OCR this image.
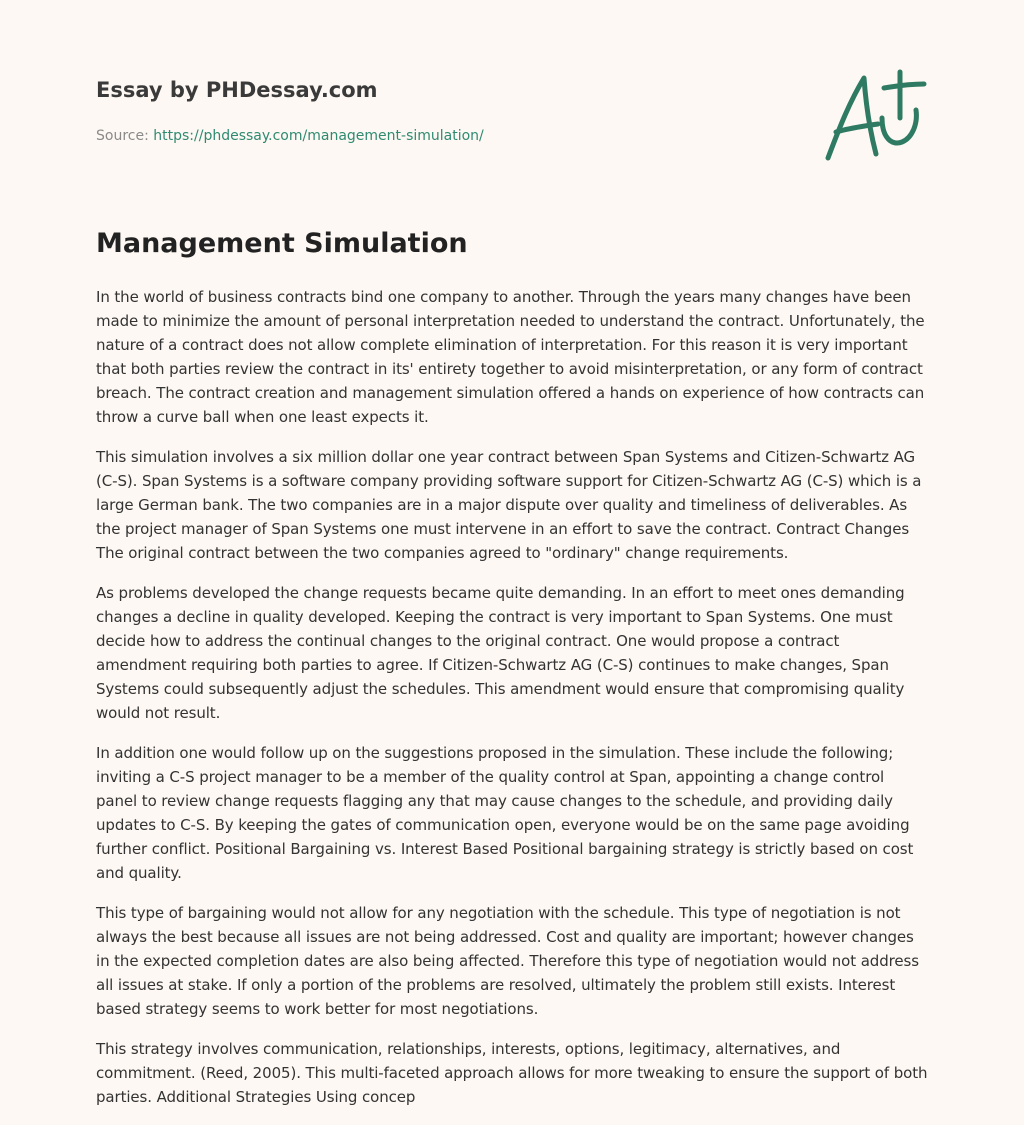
Essay by PHDessay.com
Source: https://phdessay.com/management-simulation/
Management Simulation

In the world of business contracts bind one company to another. Through the years many changes have been made to minimize the amount of personal interpretation needed to understand the contract. Unfortunately, the nature of a contract does not allow complete elimination of interpretation. For this reason it is very important that both parties review the contract in its' entirety together to avoid misinterpretation, or any form of contract breach. The contract creation and management simulation offered a hands on experience of how contracts can throw a curve ball when one least expects it.

This simulation involves a six million dollar one year contract between Span Systems and Citizen-Schwartz AG (C-S). Span Systems is a software company providing software support for Citizen-Schwartz AG (C-S) which is a large German bank. The two companies are in a major dispute over quality and timeliness of deliverables. As the project manager of Span Systems one must intervene in an effort to save the contract. Contract Changes The original contract between the two companies agreed to "ordinary" change requirements.

As problems developed the change requests became quite demanding. In an effort to meet ones demanding changes a decline in quality developed. Keeping the contract is very important to Span Systems. One must decide how to address the continual changes to the original contract. One would propose a contract amendment requiring both parties to agree. If Citizen-Schwartz AG (C-S) continues to make changes, Span Systems could subsequently adjust the schedules. This amendment would ensure that compromising quality would not result.

In addition one would follow up on the suggestions proposed in the simulation. These include the following; inviting a C-S project manager to be a member of the quality control at Span, appointing a change control panel to review change requests flagging any that may cause changes to the schedule, and providing daily updates to C-S. By keeping the gates of communication open, everyone would be on the same page avoiding further conflict. Positional Bargaining vs. Interest Based Positional bargaining strategy is strictly based on cost and quality.

This type of bargaining would not allow for any negotiation with the schedule. This type of negotiation is not always the best because all issues are not being addressed. Cost and quality are important; however changes in the expected completion dates are also being affected. Therefore this type of negotiation would not address all issues at stake. If only a portion of the problems are resolved, ultimately the problem still exists. Interest based strategy seems to work better for most negotiations.

This strategy involves communication, relationships, interests, options, legitimacy, alternatives, and commitment. (Reed, 2005). This multi-faceted approach allows for more tweaking to ensure the support of both parties. Additional Strategies Using concep
